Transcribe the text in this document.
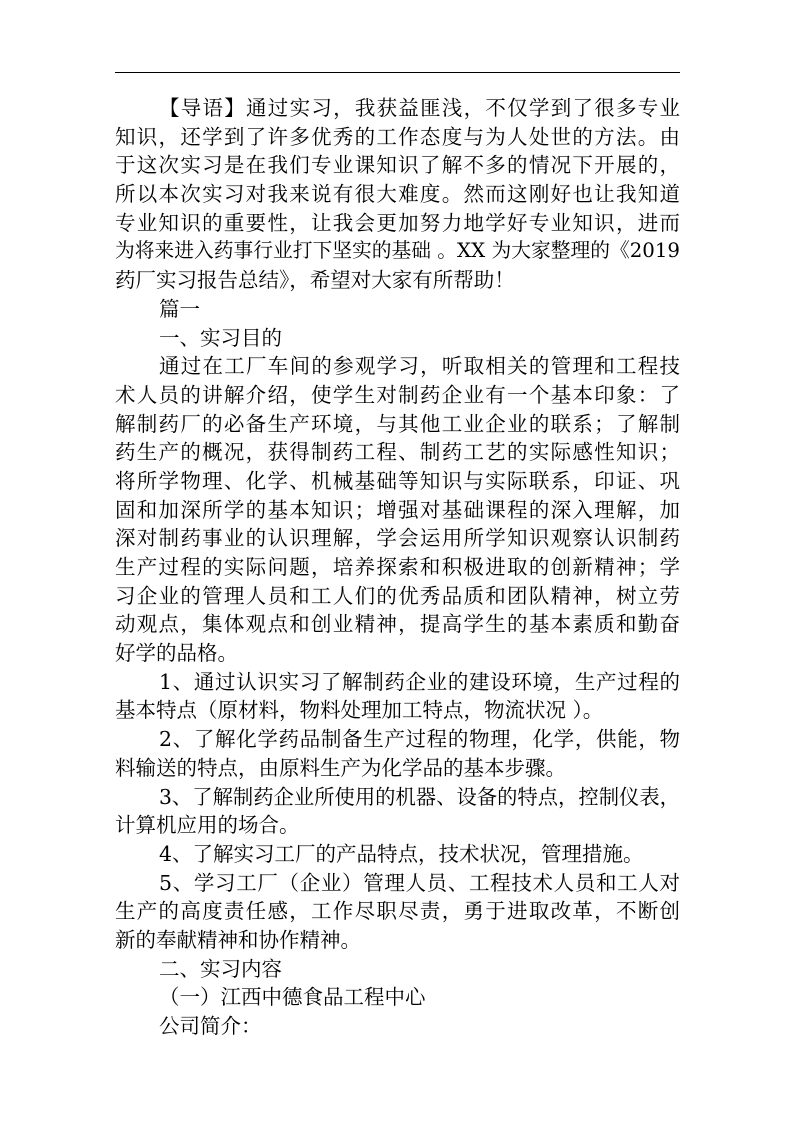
【导语】通过实习，我获益匪浅，不仅学到了很多专业
知识，还学到了许多优秀的工作态度与为人处世的方法。由
于这次实习是在我们专业课知识了解不多的情况下开展的，
所以本次实习对我来说有很大难度。然而这刚好也让我知道
专业知识的重要性，让我会更加努力地学好专业知识，进而
为将来进入药事行业打下坚实的基础 。XX 为大家整理的《2019
药厂实习报告总结》，希望对大家有所帮助！
篇一
一、实习目的
通过在工厂车间的参观学习，听取相关的管理和工程技
术人员的讲解介绍，使学生对制药企业有一个基本印象：了
解制药厂的必备生产环境，与其他工业企业的联系；了解制
药生产的概况，获得制药工程、制药工艺的实际感性知识；
将所学物理、化学、机械基础等知识与实际联系，印证、巩
固和加深所学的基本知识；增强对基础课程的深入理解，加
深对制药事业的认识理解，学会运用所学知识观察认识制药
生产过程的实际问题，培养探索和积极进取的创新精神；学
习企业的管理人员和工人们的优秀品质和团队精神，树立劳
动观点，集体观点和创业精神，提高学生的基本素质和勤奋
好学的品格。
1、通过认识实习了解制药企业的建设环境，生产过程的
基本特点（原材料，物料处理加工特点，物流状况 ）。
2、了解化学药品制备生产过程的物理，化学，供能，物
料输送的特点，由原料生产为化学品的基本步骤。
3、了解制药企业所使用的机器、设备的特点，控制仪表，
计算机应用的场合。
4、了解实习工厂的产品特点，技术状况，管理措施。
5、学习工厂（企业）管理人员、工程技术人员和工人对
生产的高度责任感，工作尽职尽责，勇于进取改革，不断创
新的奉献精神和协作精神。
二、实习内容
（一）江西中德食品工程中心
公司简介：
